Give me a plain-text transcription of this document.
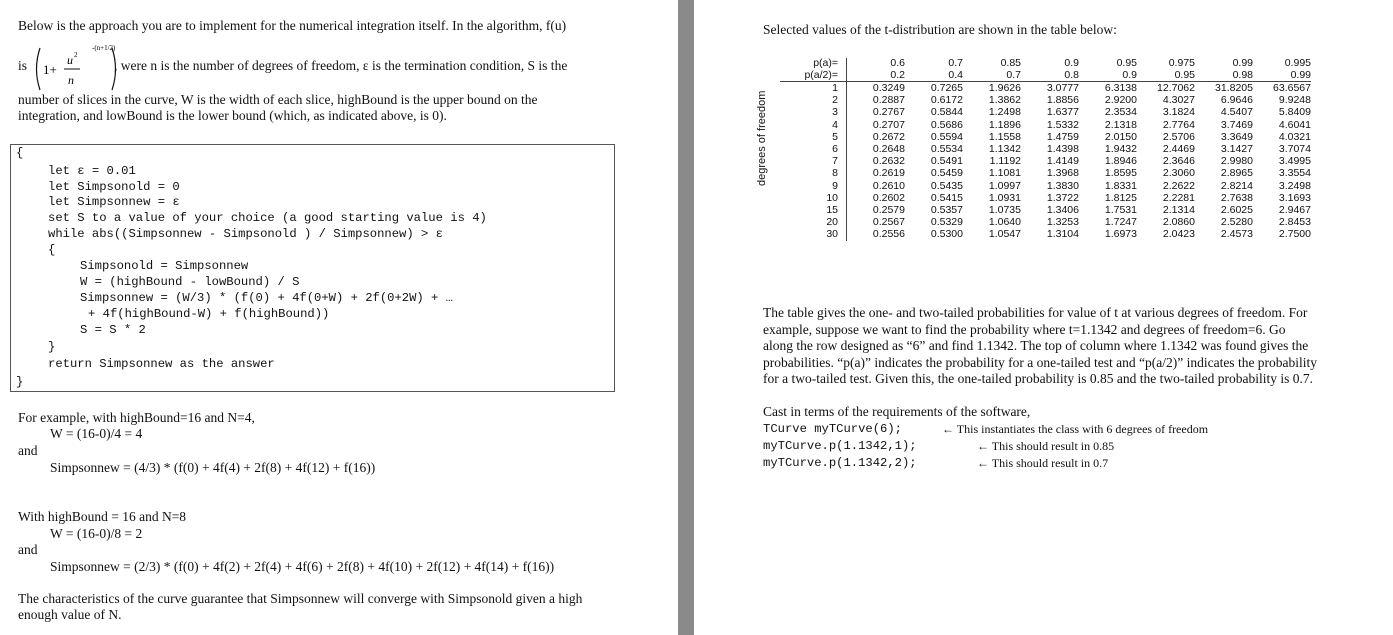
Below is the approach you are to implement for the numerical integration itself. In the algorithm, f(u)
is 1+
u 2
n
-(n+1/2)
, were n is the number of degrees of freedom, ε is the termination condition, S is the
number of slices in the curve, W is the width of each slice, highBound is the upper bound on the
integration, and lowBound is the lower bound (which, as indicated above, is 0).
{
}
let ε = 0.01
let Simpsonold = 0
let Simpsonnew = ε
set S to a value of your choice (a good starting value is 4)
while abs((Simpsonnew - Simpsonold ) / Simpsonnew) > ε
{
Simpsonold = Simpsonnew
W = (highBound - lowBound) / S
Simpsonnew = (W/3) * (f(0) + 4f(0+W) + 2f(0+2W) + …
+ 4f(highBound-W) + f(highBound))
S = S * 2
}
return Simpsonnew as the answer
For example, with highBound=16 and N=4,
W = (16-0)/4 = 4
and
Simpsonnew = (4/3) * (f(0) + 4f(4) + 2f(8) + 4f(12) + f(16))
With highBound = 16 and N=8
W = (16-0)/8 = 2
and
Simpsonnew = (2/3) * (f(0) + 4f(2) + 2f(4) + 4f(6) + 2f(8) + 4f(10) + 2f(12) + 4f(14) + f(16))
The characteristics of the curve guarantee that Simpsonnew will converge with Simpsonold given a high
enough value of N.
Selected values of the t-distribution are shown in the table below:
degrees of freedom
p(a)=	0.6	0.7	0.85	0.9	0.95	0.975	0.99	0.995
p(a/2)=	0.2	0.4	0.7	0.8	0.9	0.95	0.98	0.99
1	0.3249	0.7265	1.9626	3.0777	6.3138	12.7062	31.8205	63.6567
2	0.2887	0.6172	1.3862	1.8856	2.9200	4.3027	6.9646	9.9248
3	0.2767	0.5844	1.2498	1.6377	2.3534	3.1824	4.5407	5.8409
4	0.2707	0.5686	1.1896	1.5332	2.1318	2.7764	3.7469	4.6041
5	0.2672	0.5594	1.1558	1.4759	2.0150	2.5706	3.3649	4.0321
6	0.2648	0.5534	1.1342	1.4398	1.9432	2.4469	3.1427	3.7074
7	0.2632	0.5491	1.1192	1.4149	1.8946	2.3646	2.9980	3.4995
8	0.2619	0.5459	1.1081	1.3968	1.8595	2.3060	2.8965	3.3554
9	0.2610	0.5435	1.0997	1.3830	1.8331	2.2622	2.8214	3.2498
10	0.2602	0.5415	1.0931	1.3722	1.8125	2.2281	2.7638	3.1693
15	0.2579	0.5357	1.0735	1.3406	1.7531	2.1314	2.6025	2.9467
20	0.2567	0.5329	1.0640	1.3253	1.7247	2.0860	2.5280	2.8453
30	0.2556	0.5300	1.0547	1.3104	1.6973	2.0423	2.4573	2.7500
The table gives the one- and two-tailed probabilities for value of t at various degrees of freedom. For
example, suppose we want to find the probability where t=1.1342 and degrees of freedom=6. Go
along the row designed as “6” and find 1.1342. The top of column where 1.1342 was found gives the
probabilities. “p(a)” indicates the probability for a one-tailed test and “p(a/2)” indicates the probability
for a two-tailed test. Given this, the one-tailed probability is 0.85 and the two-tailed probability is 0.7.
Cast in terms of the requirements of the software,
TCurve myTCurve(6);	← This instantiates the class with 6 degrees of freedom
myTCurve.p(1.1342,1);	← This should result in 0.85
myTCurve.p(1.1342,2);	← This should result in 0.7
